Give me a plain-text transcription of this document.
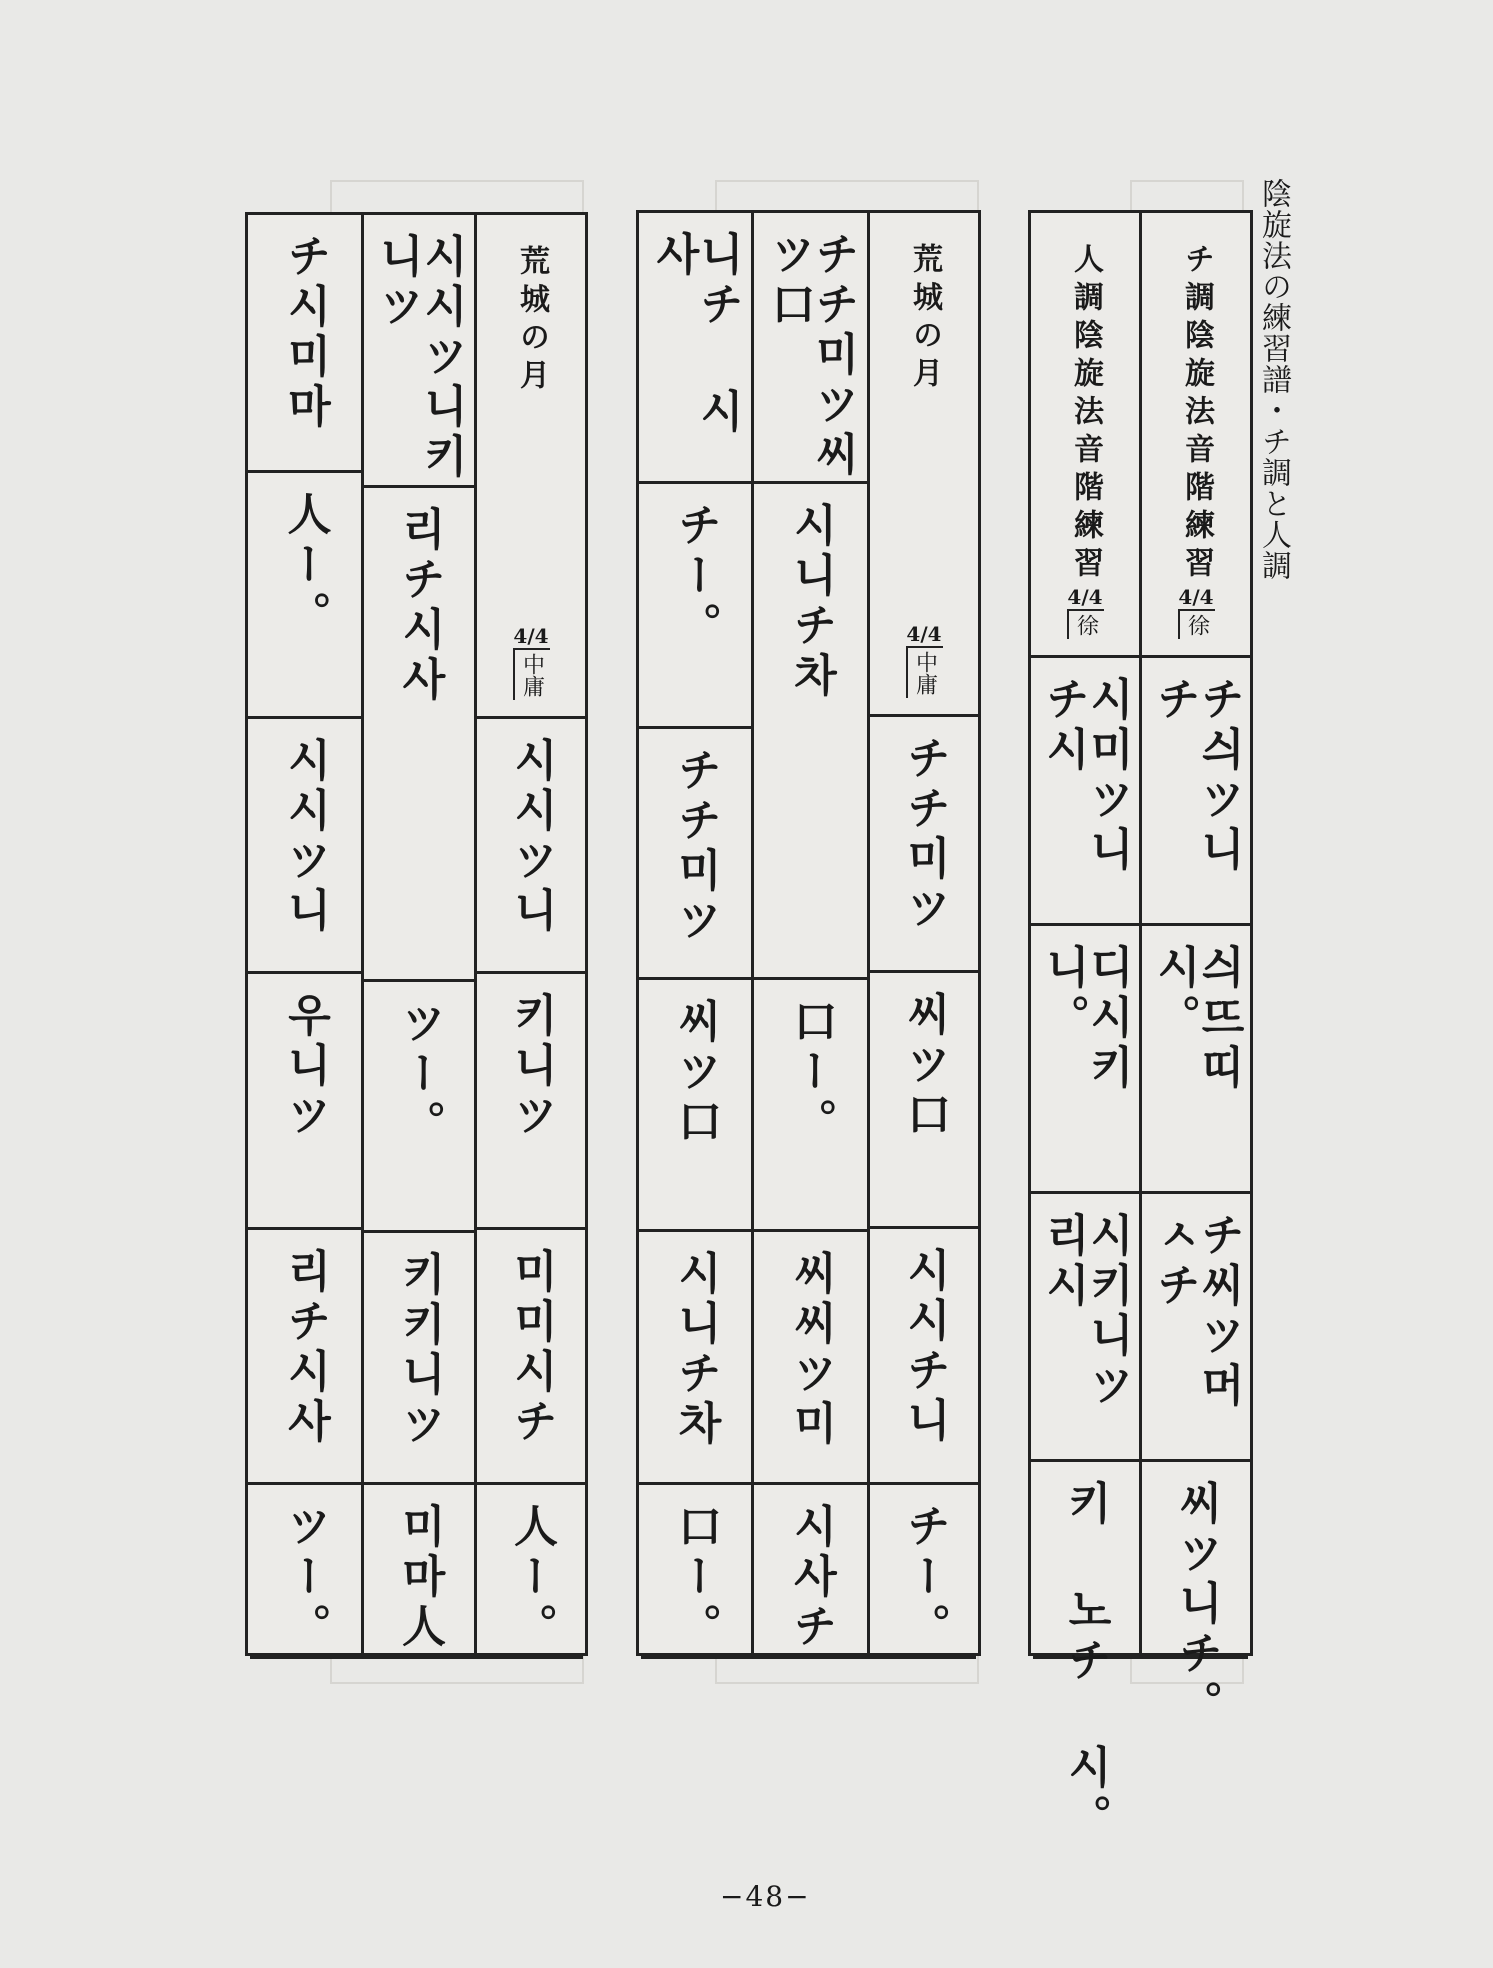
陰旋法の練習譜・チ調と人調
チ調陰旋法音階練習
4/4
徐
チ싀ツ니チ
싀뜨띠 시。
チ씨ツ머ㅅチ
씨ツ니チ。
人調陰旋法音階練習
4/4
徐
시미ツ니チ시
디시키 니。
시키니ツ리시
키 노チ 시。
荒城の月
4/4
中庸
チチ미ツ
씨ツ口
시시チ니
チー。
チチ미ツ씨ツ口
시니チ차
口ー。
씨씨ツ미
시사チ
니チ 시사
チー。
チチ미ツ
씨ツ口
시니チ차
口ー。
荒城の月
4/4
中庸
시시ツ니
키니ツ
미미시チ
人ー。
시시ツ니키니ツ
리チ시사
ツー。
키키니ツ
미마人
チ시미마
人ー。
시시ツ니
우니ツ
리チ시사
ツー。
−48−
